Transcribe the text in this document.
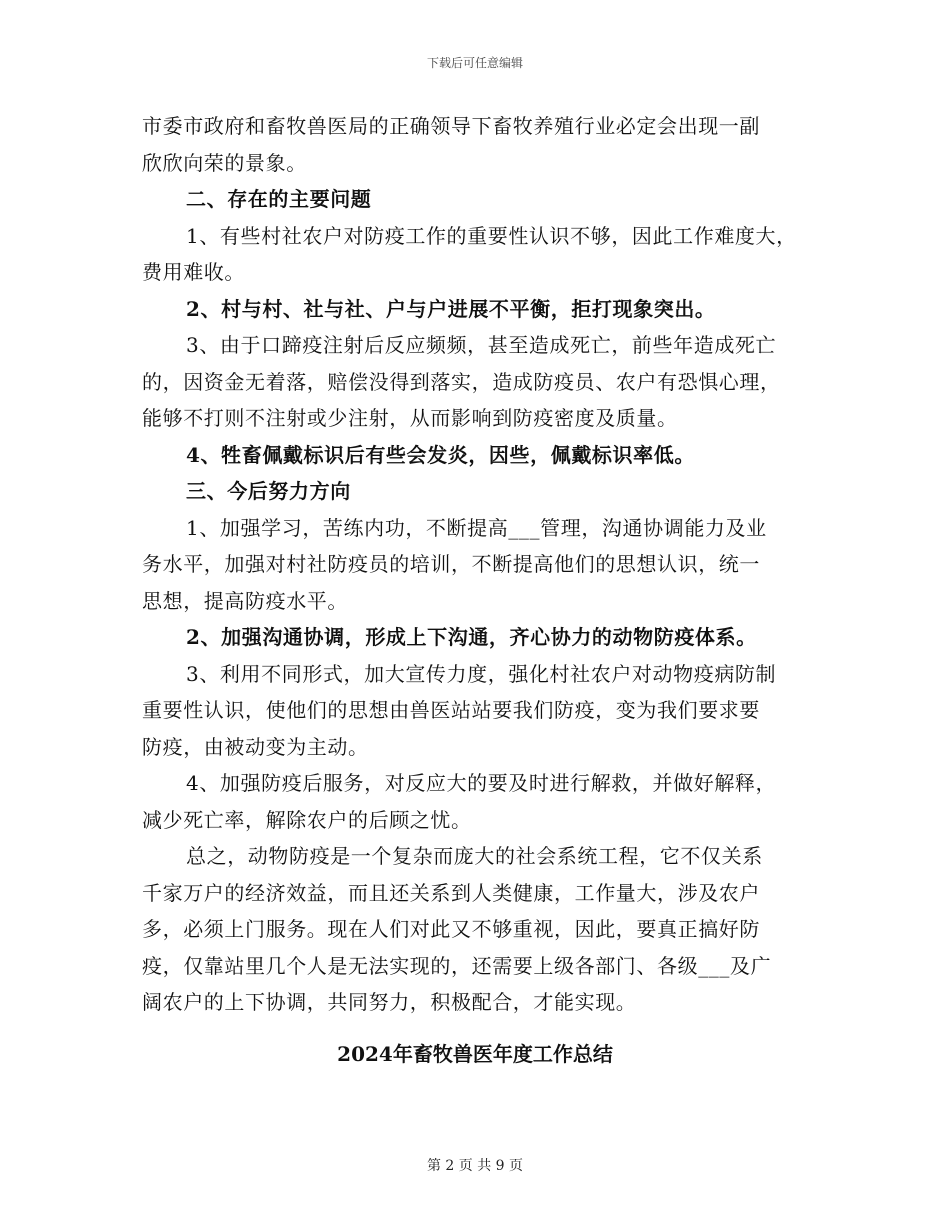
下载后可任意编辑
市委市政府和畜牧兽医局的正确领导下畜牧养殖行业必定会出现一副
欣欣向荣的景象。
二、存在的主要问题
1、有些村社农户对防疫工作的重要性认识不够，因此工作难度大，
费用难收。
2、村与村、社与社、户与户进展不平衡，拒打现象突出。
3、由于口蹄疫注射后反应频频，甚至造成死亡，前些年造成死亡
的，因资金无着落，赔偿没得到落实，造成防疫员、农户有恐惧心理，
能够不打则不注射或少注射，从而影响到防疫密度及质量。
4、牲畜佩戴标识后有些会发炎，因些，佩戴标识率低。
三、今后努力方向
1、加强学习，苦练内功，不断提高___管理，沟通协调能力及业
务水平，加强对村社防疫员的培训，不断提高他们的思想认识，统一
思想，提高防疫水平。
2、加强沟通协调，形成上下沟通，齐心协力的动物防疫体系。
3、利用不同形式，加大宣传力度，强化村社农户对动物疫病防制
重要性认识，使他们的思想由兽医站站要我们防疫，变为我们要求要
防疫，由被动变为主动。
4、加强防疫后服务，对反应大的要及时进行解救，并做好解释，
减少死亡率，解除农户的后顾之忧。
总之，动物防疫是一个复杂而庞大的社会系统工程，它不仅关系
千家万户的经济效益，而且还关系到人类健康，工作量大，涉及农户
多，必须上门服务。现在人们对此又不够重视，因此，要真正搞好防
疫，仅靠站里几个人是无法实现的，还需要上级各部门、各级___及广
阔农户的上下协调，共同努力，积极配合，才能实现。
2024年畜牧兽医年度工作总结
第 2 页 共 9 页
